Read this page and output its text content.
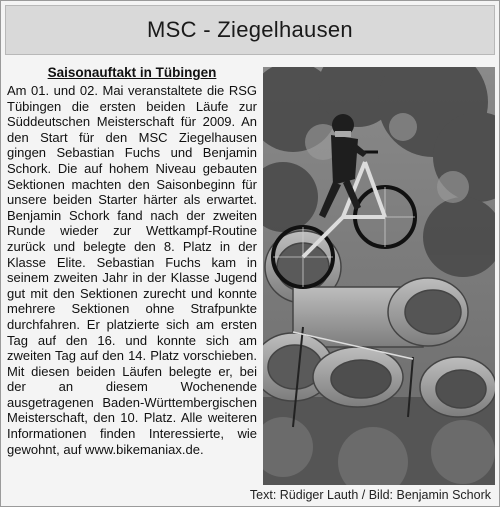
MSC - Ziegelhausen
Saisonauftakt in Tübingen

Am 01. und 02. Mai veranstaltete die RSG Tübingen die ersten beiden Läufe zur Süddeutschen Meisterschaft für 2009. An den Start für den MSC Ziegelhausen gingen Sebastian Fuchs und Benjamin Schork. Die auf hohem Niveau gebauten Sektionen machten den Saisonbeginn für unsere beiden Starter härter als erwartet. Benjamin Schork fand nach der zweiten Runde wieder zur Wettkampf-Routine zurück und belegte den 8. Platz in der Klasse Elite. Sebastian Fuchs kam in seinem zweiten Jahr in der Klasse Jugend gut mit den Sektionen zurecht und konnte mehrere Sektionen ohne Strafpunkte durchfahren. Er platzierte sich am ersten Tag auf den 16. und konnte sich am zweiten Tag auf den 14. Platz vorschieben. Mit diesen beiden Läufen belegte er, bei der an diesem Wochenende ausgetragenen Baden-Württembergischen Meisterschaft, den 10. Platz. Alle weiteren Informationen finden Interessierte, wie gewohnt, auf www.bikemaniax.de.

Text: Rüdiger Lauth / Bild: Benjamin Schork
